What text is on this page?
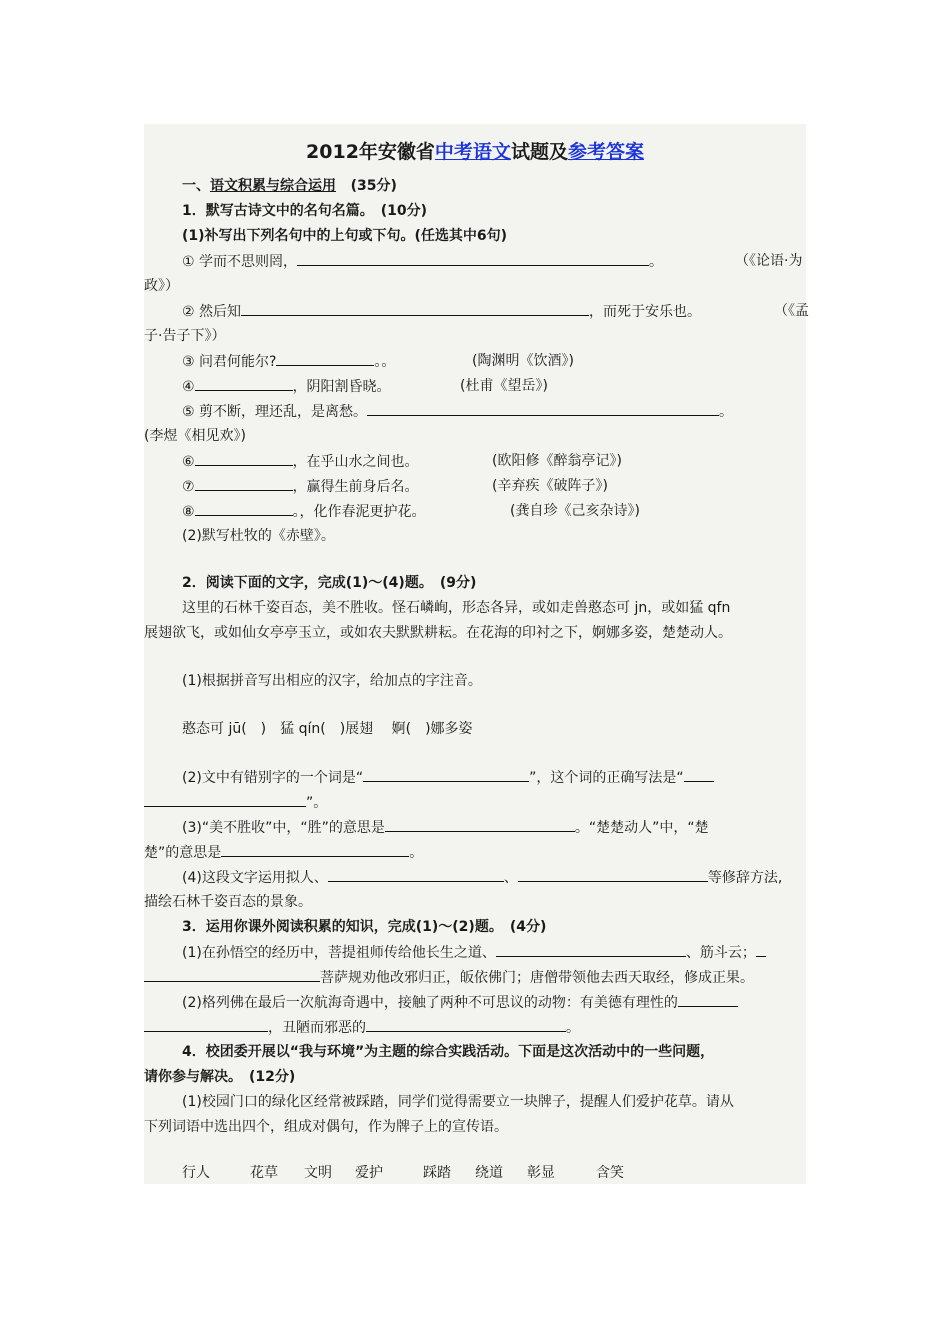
2012年安徽省中考语文试题及参考答案
一、语文积累与综合运用 (35分)
1．默写古诗文中的名句名篇。　(10分)
(1)补写出下列名句中的上句或下句。(任选其中6句)
① 学而不思则罔，	。	（《论语·为
政》）
② 然后知	，而死于安乐也。	（《孟
子·告子下》）
③ 问君何能尔?	。。	(陶渊明《饮酒》)
④	，阴阳割昏晓。	(杜甫《望岳》)
⑤ 剪不断，理还乱，是离愁。	。
(李煜《相见欢》)
⑥	，在乎山水之间也。	(欧阳修《醉翁亭记》)
⑦	，赢得生前身后名。	(辛弃疾《破阵子》)
⑧	。，化作春泥更护花。	(龚自珍《己亥杂诗》)
(2)默写杜牧的《赤壁》。
2．阅读下面的文字，完成(1)～(4)题。　(9分)
这里的石林千姿百态，美不胜收。怪石嶙峋，形态各异，或如走兽憨态可 jn，或如猛 qfn
展翅欲飞，或如仙女亭亭玉立，或如农夫默默耕耘。在花海的印衬之下，婀娜多姿，楚楚动人。
(1)根据拼音写出相应的汉字，给加点的字注音。
憨态可 jū(　)　猛 qín(　)展翅　 婀(　)娜多姿
(2)文中有错别字的一个词是“	”，这个词的正确写法是“
”。
(3)“美不胜收”中，“胜”的意思是	。“楚楚动人”中，“楚
楚”的意思是	。
(4)这段文字运用拟人、	、	等修辞方法,
描绘石林千姿百态的景象。
3．运用你课外阅读积累的知识，完成(1)～(2)题。　(4分)
(1)在孙悟空的经历中，菩提祖师传给他长生之道、	、筋斗云；
菩萨规劝他改邪归正，皈依佛门；唐僧带领他去西天取经，修成正果。
(2)格列佛在最后一次航海奇遇中，接触了两种不可思议的动物：有美德有理性的
，丑陋而邪恶的	。
4．校团委开展以“我与环境”为主题的综合实践活动。下面是这次活动中的一些问题，
请你参与解决。　(12分)
(1)校园门口的绿化区经常被踩踏，同学们觉得需要立一块牌子，提醒人们爱护花草。请从
下列词语中选出四个，组成对偶句，作为牌子上的宣传语。
行人	花草 文明 爱护	踩踏 绕道 彰显	含笑
